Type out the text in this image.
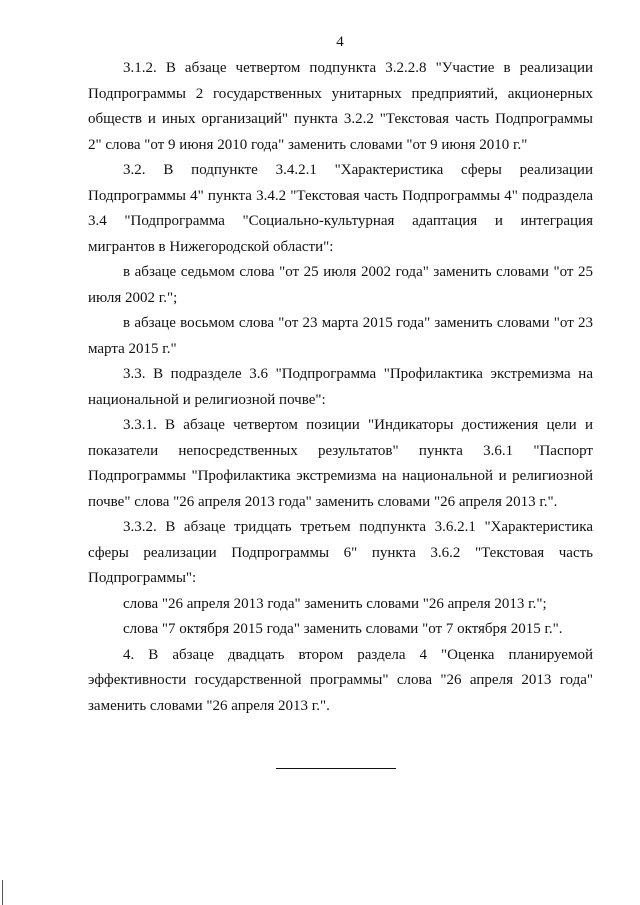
4

3.1.2. В абзаце четвертом подпункта 3.2.2.8 "Участие в реализации Подпрограммы 2 государственных унитарных предприятий, акционерных обществ и иных организаций" пункта 3.2.2 "Текстовая часть Подпрограммы 2" слова "от 9 июня 2010 года" заменить словами "от 9 июня 2010 г."

3.2. В подпункте 3.4.2.1 "Характеристика сферы реализации Подпрограммы 4" пункта 3.4.2 "Текстовая часть Подпрограммы 4" подраздела 3.4 "Подпрограмма "Социально-культурная адаптация и интеграция мигрантов в Нижегородской области":

в абзаце седьмом слова "от 25 июля 2002 года" заменить словами "от 25 июля 2002 г.";

в абзаце восьмом слова "от 23 марта 2015 года" заменить словами "от 23 марта 2015 г."

3.3. В подразделе 3.6 "Подпрограмма "Профилактика экстремизма на национальной и религиозной почве":

3.3.1. В абзаце четвертом позиции "Индикаторы достижения цели и показатели непосредственных результатов" пункта 3.6.1 "Паспорт Подпрограммы "Профилактика экстремизма на национальной и религиозной почве" слова "26 апреля 2013 года" заменить словами "26 апреля 2013 г.".

3.3.2. В абзаце тридцать третьем подпункта 3.6.2.1 "Характеристика сферы реализации Подпрограммы 6" пункта 3.6.2 "Текстовая часть Подпрограммы":

слова "26 апреля 2013 года" заменить словами "26 апреля 2013 г.";

слова "7 октября 2015 года" заменить словами "от 7 октября 2015 г.".

4. В абзаце двадцать втором раздела 4 "Оценка планируемой эффективности государственной программы" слова "26 апреля 2013 года" заменить словами "26 апреля 2013 г.".
